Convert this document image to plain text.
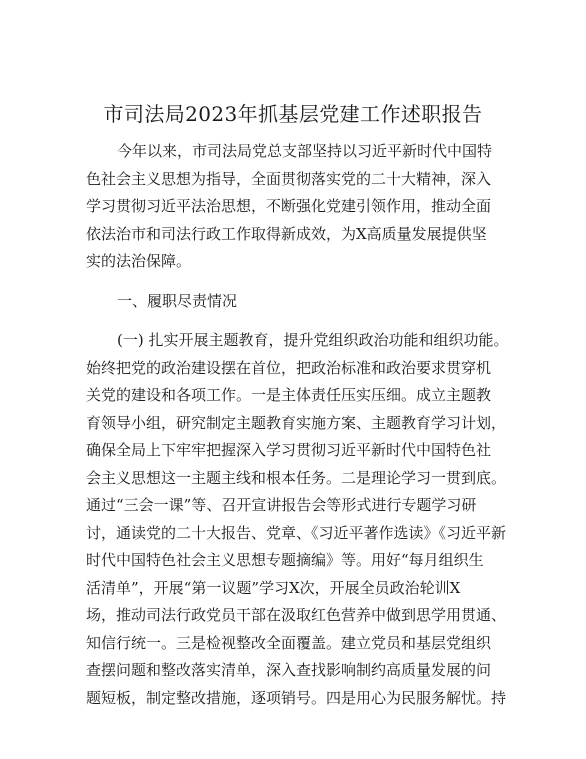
市司法局2023年抓基层党建工作述职报告
今年以来，市司法局党总支部坚持以习近平新时代中国特
色社会主义思想为指导，全面贯彻落实党的二十大精神，深入
学习贯彻习近平法治思想，不断强化党建引领作用，推动全面
依法治市和司法行政工作取得新成效，为X高质量发展提供坚
实的法治保障。
一、履职尽责情况
(一) 扎实开展主题教育，提升党组织政治功能和组织功能。
始终把党的政治建设摆在首位，把政治标准和政治要求贯穿机
关党的建设和各项工作。一是主体责任压实压细。成立主题教
育领导小组，研究制定主题教育实施方案、主题教育学习计划，
确保全局上下牢牢把握深入学习贯彻习近平新时代中国特色社
会主义思想这一主题主线和根本任务。二是理论学习一贯到底。
通过“三会一课”等、召开宣讲报告会等形式进行专题学习研
讨，通读党的二十大报告、党章、《习近平著作选读》《习近平新
时代中国特色社会主义思想专题摘编》等。用好“每月组织生
活清单”，开展“第一议题”学习X次，开展全员政治轮训X
场，推动司法行政党员干部在汲取红色营养中做到思学用贯通、
知信行统一。三是检视整改全面覆盖。建立党员和基层党组织
查摆问题和整改落实清单，深入查找影响制约高质量发展的问
题短板，制定整改措施，逐项销号。四是用心为民服务解忧。持
